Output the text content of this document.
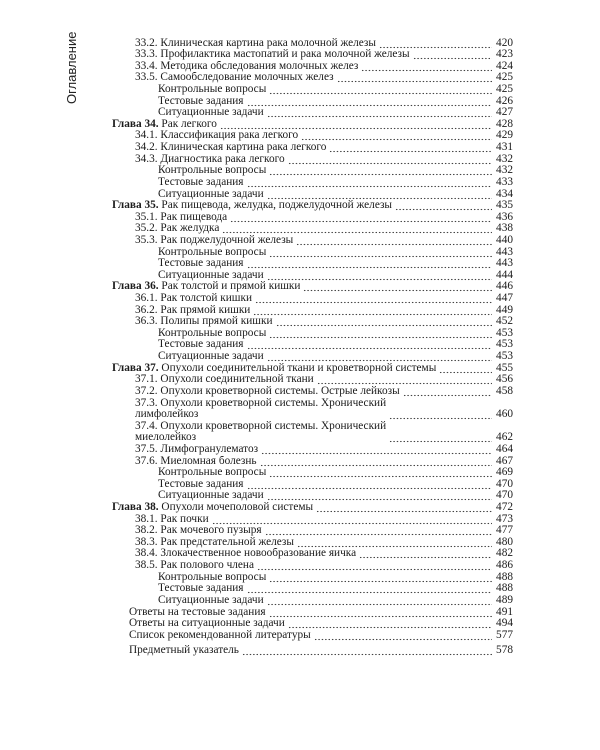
Оглавление	33.2. Клиническая картина рака молочной железы	420
33.3. Профилактика мастопатий и рака молочной железы	423
33.4. Методика обследования молочных желез	424
33.5. Самообследование молочных желез	425
Контрольные вопросы	425
Тестовые задания	426
Ситуационные задачи	427
Глава 34. Рак легкого	428
34.1. Классификация рака легкого	429
34.2. Клиническая картина рака легкого	431
34.3. Диагностика рака легкого	432
Контрольные вопросы	432
Тестовые задания	433
Ситуационные задачи	434
Глава 35. Рак пищевода, желудка, поджелудочной железы	435
35.1. Рак пищевода	436
35.2. Рак желудка	438
35.3. Рак поджелудочной железы	440
Контрольные вопросы	443
Тестовые задания	443
Ситуационные задачи	444
Глава 36. Рак толстой и прямой кишки	446
36.1. Рак толстой кишки	447
36.2. Рак прямой кишки	449
36.3. Полипы прямой кишки	452
Контрольные вопросы	453
Тестовые задания	453
Ситуационные задачи	453
Глава 37. Опухоли соединительной ткани и кроветворной системы	455
37.1. Опухоли соединительной ткани	456
37.2. Опухоли кроветворной системы. Острые лейкозы	458
37.3. Опухоли кроветворной системы. Хронический
лимфолейкоз	460
37.4. Опухоли кроветворной системы. Хронический
миелолейкоз	462
37.5. Лимфогранулематоз	464
37.6. Миеломная болезнь	467
Контрольные вопросы	469
Тестовые задания	470
Ситуационные задачи	470
Глава 38. Опухоли мочеполовой системы	472
38.1. Рак почки	473
38.2. Рак мочевого пузыря	477
38.3. Рак предстательной железы	480
38.4. Злокачественное новообразование яичка	482
38.5. Рак полового члена	486
Контрольные вопросы	488
Тестовые задания	488
Ситуационные задачи	489
Ответы на тестовые задания	491
Ответы на ситуационные задачи	494
Список рекомендованной литературы	577
Предметный указатель	578
